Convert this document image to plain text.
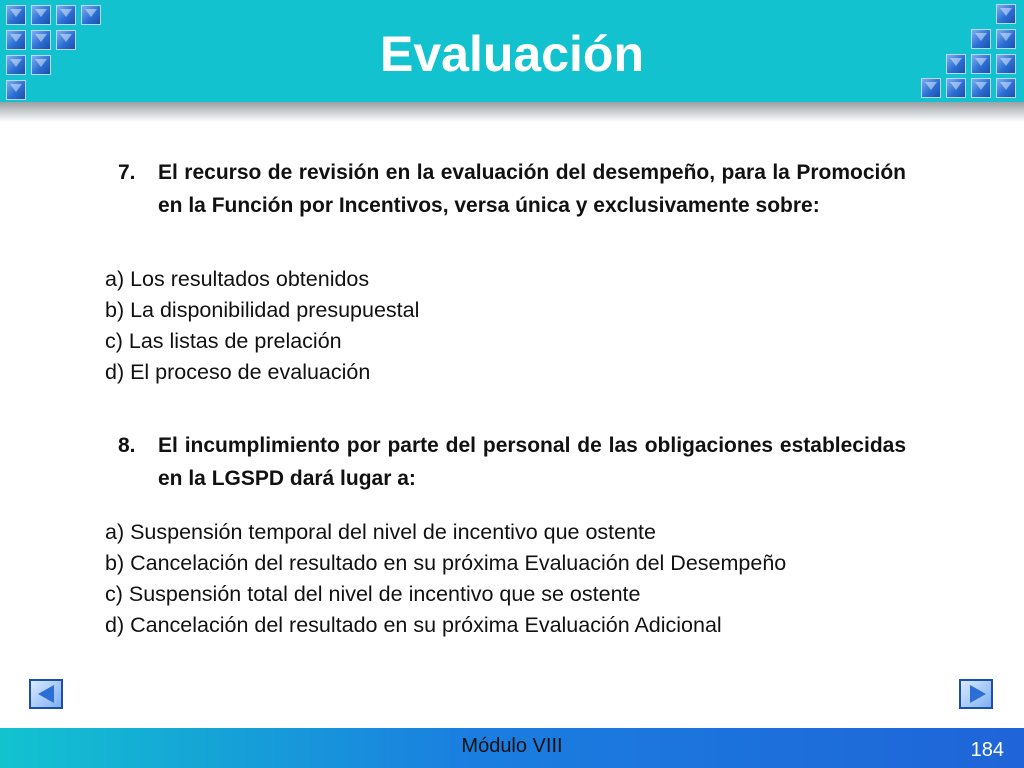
Evaluación
7. El recurso de revisión en la evaluación del desempeño, para la Promoción en la Función por Incentivos, versa única y exclusivamente sobre:
a) Los resultados obtenidos
b) La disponibilidad presupuestal
c) Las listas de prelación
d) El proceso de evaluación
8. El incumplimiento por parte del personal de las obligaciones establecidas en la LGSPD dará lugar a:
a) Suspensión temporal del nivel de incentivo que ostente
b) Cancelación del resultado en su próxima Evaluación del Desempeño
c) Suspensión total del nivel de incentivo que se ostente
d) Cancelación del resultado en su próxima Evaluación Adicional
Módulo VIII	184
